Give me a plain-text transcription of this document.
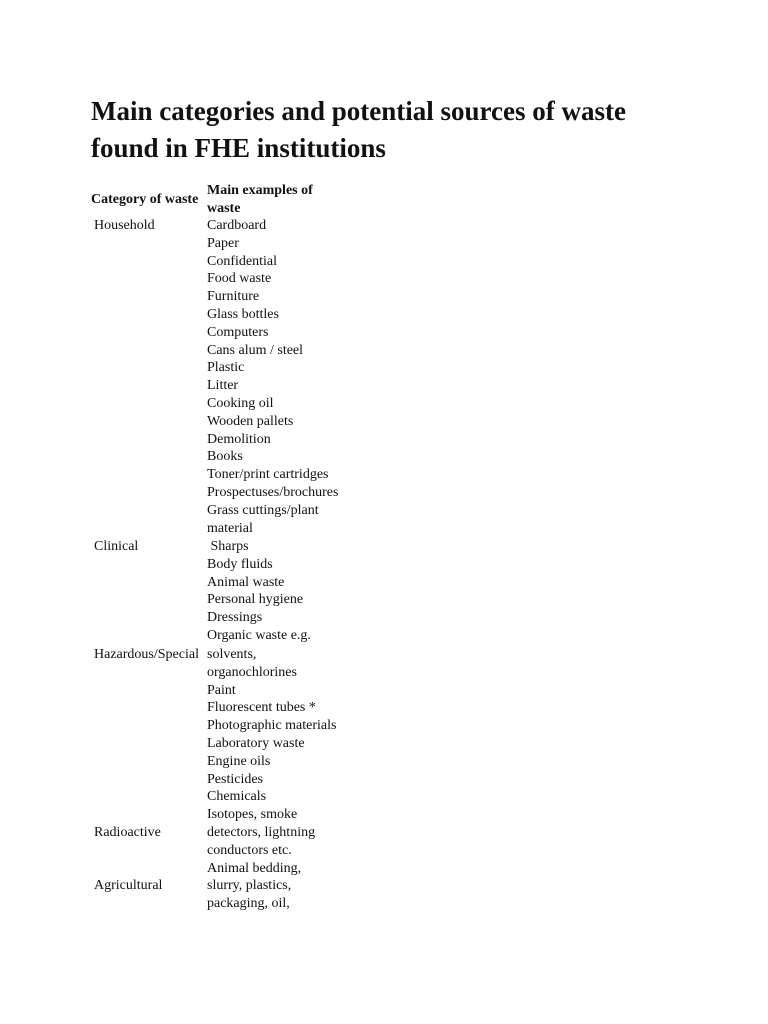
Main categories and potential sources of waste found in FHE institutions
Category of waste
Main examples of waste
Household
Clinical
Hazardous/Special
Radioactive
Agricultural
Cardboard
Paper
Confidential
Food waste
Furniture
Glass bottles
Computers
Cans alum / steel
Plastic
Litter
Cooking oil
Wooden pallets
Demolition
Books
Toner/print cartridges
Prospectuses/brochures
Grass cuttings/plant
material
Sharps
Body fluids
Animal waste
Personal hygiene
Dressings
Organic waste e.g.
solvents,
organochlorines
Paint
Fluorescent tubes *
Photographic materials
Laboratory waste
Engine oils
Pesticides
Chemicals
Isotopes, smoke
detectors, lightning
conductors etc.
Animal bedding,
slurry, plastics,
packaging, oil,
